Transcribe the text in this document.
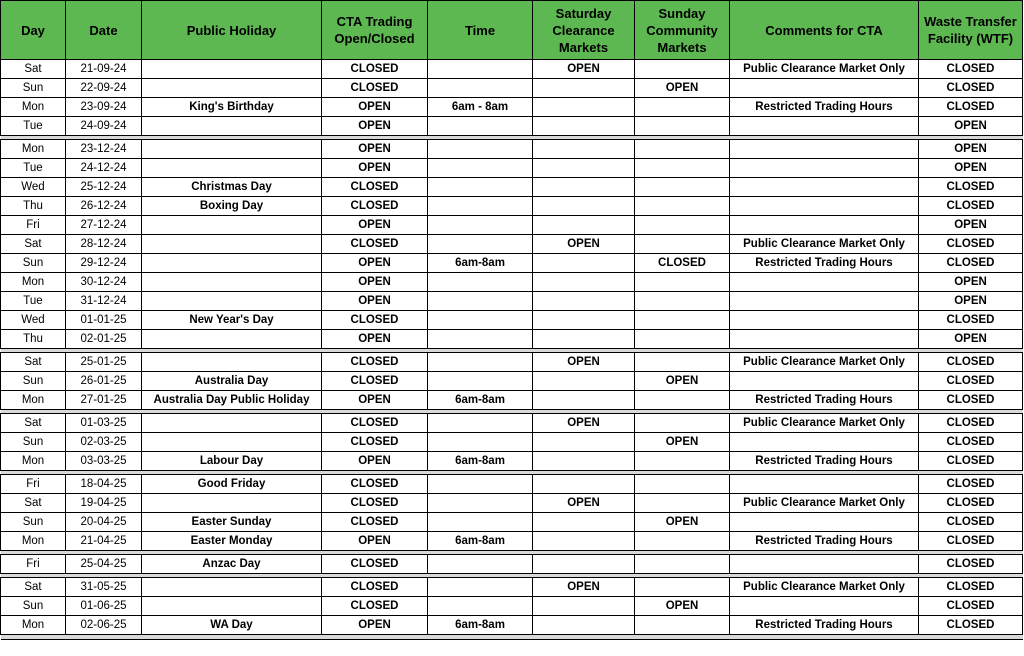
Day	Date	Public Holiday	CTA Trading Open/Closed	Time	Saturday Clearance Markets	Sunday Community Markets	Comments for CTA	Waste Transfer Facility (WTF)
Sat	21-09-24		CLOSED		OPEN		Public Clearance Market Only	CLOSED
Sun	22-09-24		CLOSED			OPEN		CLOSED
Mon	23-09-24	King's Birthday	OPEN	6am - 8am			Restricted Trading Hours	CLOSED
Tue	24-09-24		OPEN					OPEN

Mon	23-12-24		OPEN					OPEN
Tue	24-12-24		OPEN					OPEN
Wed	25-12-24	Christmas Day	CLOSED					CLOSED
Thu	26-12-24	Boxing Day	CLOSED					CLOSED
Fri	27-12-24		OPEN					OPEN
Sat	28-12-24		CLOSED		OPEN		Public Clearance Market Only	CLOSED
Sun	29-12-24		OPEN	6am-8am		CLOSED	Restricted Trading Hours	CLOSED
Mon	30-12-24		OPEN					OPEN
Tue	31-12-24		OPEN					OPEN
Wed	01-01-25	New Year's Day	CLOSED					CLOSED
Thu	02-01-25		OPEN					OPEN

Sat	25-01-25		CLOSED		OPEN		Public Clearance Market Only	CLOSED
Sun	26-01-25	Australia Day	CLOSED			OPEN		CLOSED
Mon	27-01-25	Australia Day Public Holiday	OPEN	6am-8am			Restricted Trading Hours	CLOSED

Sat	01-03-25		CLOSED		OPEN		Public Clearance Market Only	CLOSED
Sun	02-03-25		CLOSED			OPEN		CLOSED
Mon	03-03-25	Labour Day	OPEN	6am-8am			Restricted Trading Hours	CLOSED

Fri	18-04-25	Good Friday	CLOSED					CLOSED
Sat	19-04-25		CLOSED		OPEN		Public Clearance Market Only	CLOSED
Sun	20-04-25	Easter Sunday	CLOSED			OPEN		CLOSED
Mon	21-04-25	Easter Monday	OPEN	6am-8am			Restricted Trading Hours	CLOSED

Fri	25-04-25	Anzac Day	CLOSED					CLOSED

Sat	31-05-25		CLOSED		OPEN		Public Clearance Market Only	CLOSED
Sun	01-06-25		CLOSED			OPEN		CLOSED
Mon	02-06-25	WA Day	OPEN	6am-8am			Restricted Trading Hours	CLOSED
